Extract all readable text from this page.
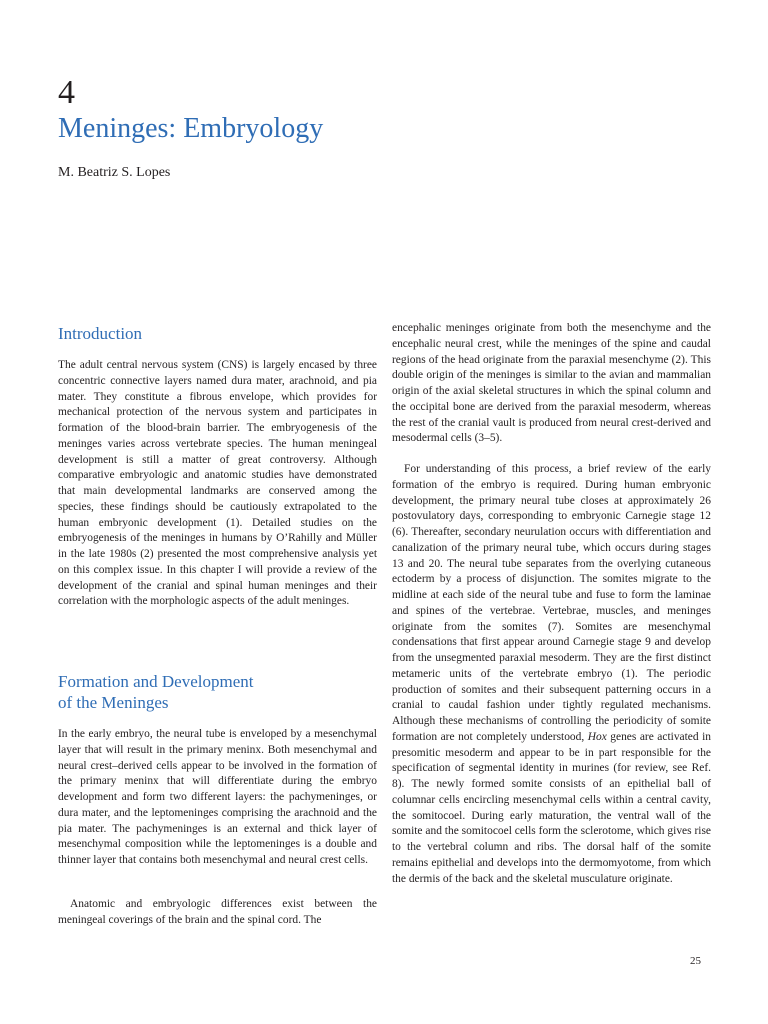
4
Meninges: Embryology

M. Beatriz S. Lopes

Introduction

The adult central nervous system (CNS) is largely encased by three concentric connective layers named dura mater, arachnoid, and pia mater. They constitute a fibrous envelope, which provides for mechanical protection of the nervous system and participates in formation of the blood-brain barrier. The embryogenesis of the meninges varies across vertebrate species. The human meningeal development is still a matter of great controversy. Although comparative embryologic and anatomic studies have demonstrated that main developmental landmarks are conserved among the species, these findings should be cautiously extrapolated to the human embryonic development (1). Detailed studies on the embryogenesis of the meninges in humans by O’Rahilly and Müller in the late 1980s (2) presented the most comprehensive analysis yet on this complex issue. In this chapter I will provide a review of the development of the cranial and spinal human meninges and their correlation with the morphologic aspects of the adult meninges.

Formation and Development
of the Meninges

In the early embryo, the neural tube is enveloped by a mesenchymal layer that will result in the primary meninx. Both mesenchymal and neural crest–derived cells appear to be involved in the formation of the primary meninx that will differentiate during the embryo development and form two different layers: the pachymeninges, or dura mater, and the leptomeninges comprising the arachnoid and the pia mater. The pachymeninges is an external and thick layer of mesenchymal composition while the leptomeninges is a double and thinner layer that contains both mesenchymal and neural crest cells.

Anatomic and embryologic differences exist between the meningeal coverings of the brain and the spinal cord. The

encephalic meninges originate from both the mesenchyme and the encephalic neural crest, while the meninges of the spine and caudal regions of the head originate from the paraxial mesenchyme (2). This double origin of the meninges is similar to the avian and mammalian origin of the axial skeletal structures in which the spinal column and the occipital bone are derived from the paraxial mesoderm, whereas the rest of the cranial vault is produced from neural crest-derived and mesodermal cells (3–5).

For understanding of this process, a brief review of the early formation of the embryo is required. During human embryonic development, the primary neural tube closes at approximately 26 postovulatory days, corresponding to embryonic Carnegie stage 12 (6). Thereafter, secondary neurulation occurs with differentiation and canalization of the primary neural tube, which occurs during stages 13 and 20. The neural tube separates from the overlying cutaneous ectoderm by a process of disjunction. The somites migrate to the midline at each side of the neural tube and fuse to form the laminae and spines of the vertebrae. Vertebrae, muscles, and meninges originate from the somites (7). Somites are mesenchymal condensations that first appear around Carnegie stage 9 and develop from the unsegmented paraxial mesoderm. They are the first distinct metameric units of the vertebrate embryo (1). The periodic production of somites and their subsequent patterning occurs in a cranial to caudal fashion under tightly regulated mechanisms. Although these mechanisms of controlling the periodicity of somite formation are not completely understood, Hox genes are activated in presomitic mesoderm and appear to be in part responsible for the specification of segmental identity in murines (for review, see Ref. 8). The newly formed somite consists of an epithelial ball of columnar cells encircling mesenchymal cells within a central cavity, the somitocoel. During early maturation, the ventral wall of the somite and the somitocoel cells form the sclerotome, which gives rise to the vertebral column and ribs. The dorsal half of the somite remains epithelial and develops into the dermomyotome, from which the dermis of the back and the skeletal musculature originate.

25
